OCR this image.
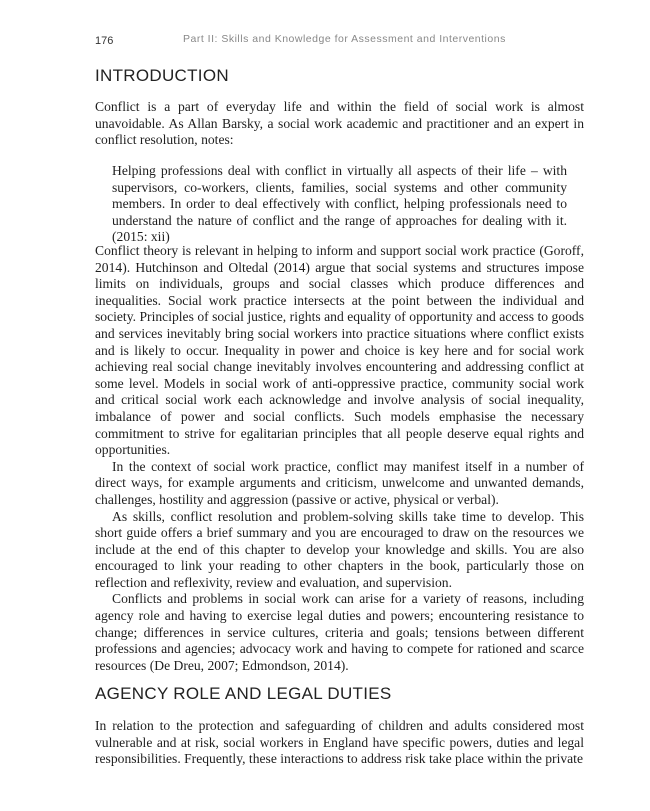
176	Part II: Skills and Knowledge for Assessment and Interventions
INTRODUCTION

Conflict is a part of everyday life and within the field of social work is almost unavoidable. As Allan Barsky, a social work academic and practitioner and an expert in conflict resolution, notes:

Helping professions deal with conflict in virtually all aspects of their life – with supervisors, co-workers, clients, families, social systems and other community members. In order to deal effectively with conflict, helping professionals need to understand the nature of conflict and the range of approaches for dealing with it. (2015: xii)

Conflict theory is relevant in helping to inform and support social work practice (Goroff, 2014). Hutchinson and Oltedal (2014) argue that social systems and structures impose limits on individuals, groups and social classes which produce differences and inequalities. Social work practice intersects at the point between the individual and society. Principles of social justice, rights and equality of opportunity and access to goods and services inevitably bring social workers into practice situations where conflict exists and is likely to occur. Inequality in power and choice is key here and for social work achieving real social change inevitably involves encountering and addressing conflict at some level. Models in social work of anti-oppressive practice, community social work and critical social work each acknowledge and involve analysis of social inequality, imbalance of power and social conflicts. Such models emphasise the necessary commitment to strive for egalitarian principles that all people deserve equal rights and opportunities.

In the context of social work practice, conflict may manifest itself in a number of direct ways, for example arguments and criticism, unwelcome and unwanted demands, challenges, hostility and aggression (passive or active, physical or verbal).

As skills, conflict resolution and problem-solving skills take time to develop. This short guide offers a brief summary and you are encouraged to draw on the resources we include at the end of this chapter to develop your knowledge and skills. You are also encouraged to link your reading to other chapters in the book, particularly those on reflection and reflexivity, review and evaluation, and supervision.

Conflicts and problems in social work can arise for a variety of reasons, including agency role and having to exercise legal duties and powers; encountering resistance to change; differences in service cultures, criteria and goals; tensions between different professions and agencies; advocacy work and having to compete for rationed and scarce resources (De Dreu, 2007; Edmondson, 2014).

AGENCY ROLE AND LEGAL DUTIES

In relation to the protection and safeguarding of children and adults considered most vulnerable and at risk, social workers in England have specific powers, duties and legal responsibilities. Frequently, these interactions to address risk take place within the private
